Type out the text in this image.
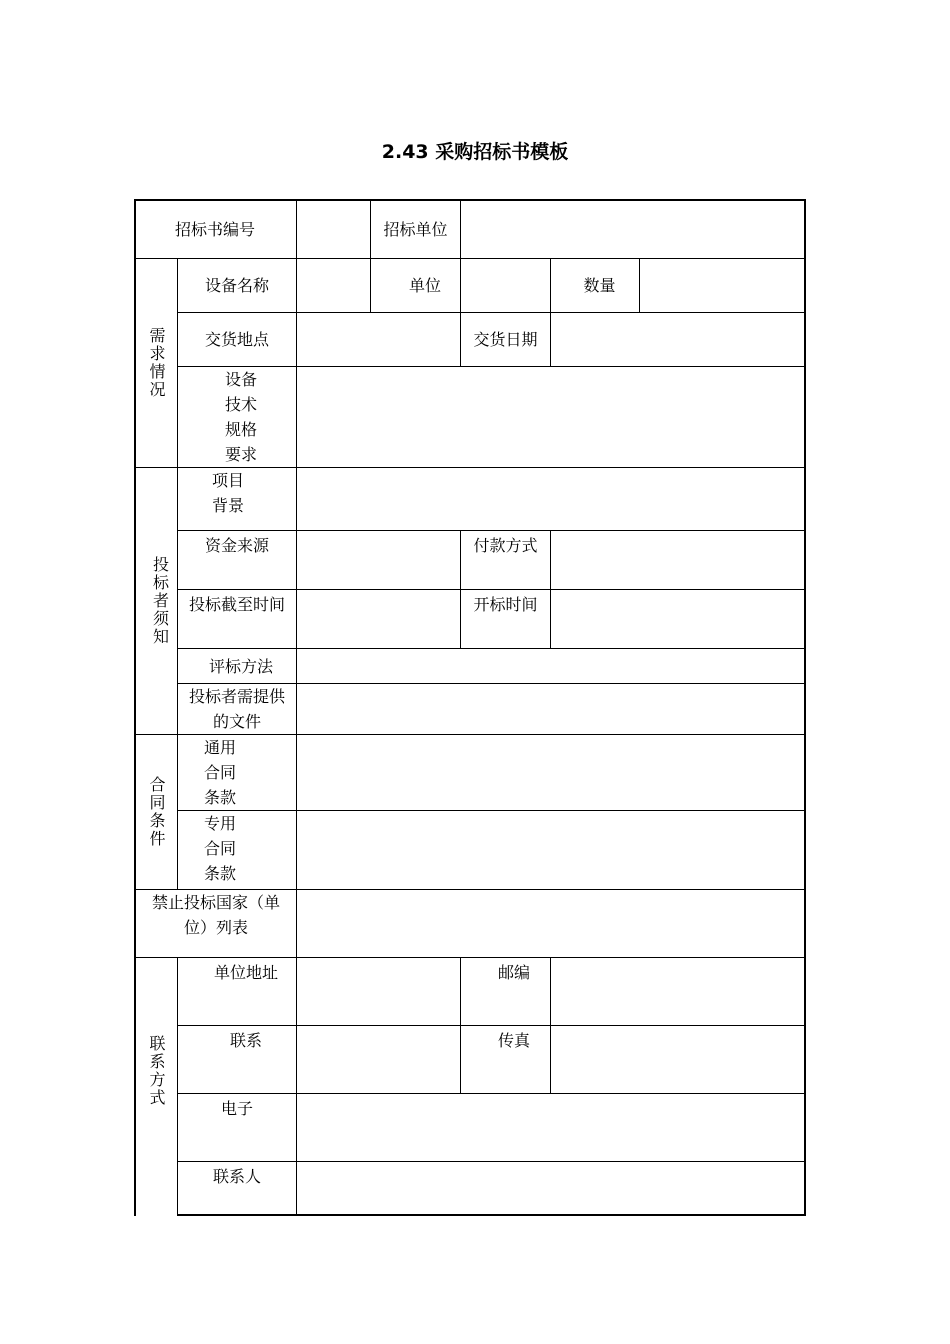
2.43 采购招标书模板
招标书编号	招标单位
需求情况
设备名称	单位	数量
交货地点	交货日期
设备
技术
规格
要求
投标者须知
项目
背景
资金来源	付款方式
投标截至时间	开标时间
评标方法
投标者需提供
的文件
合同条件
通用
合同
条款
专用
合同
条款
禁止投标国家（单
位）列表
联系方式
单位地址	邮编
联系	传真
电子
联系人
